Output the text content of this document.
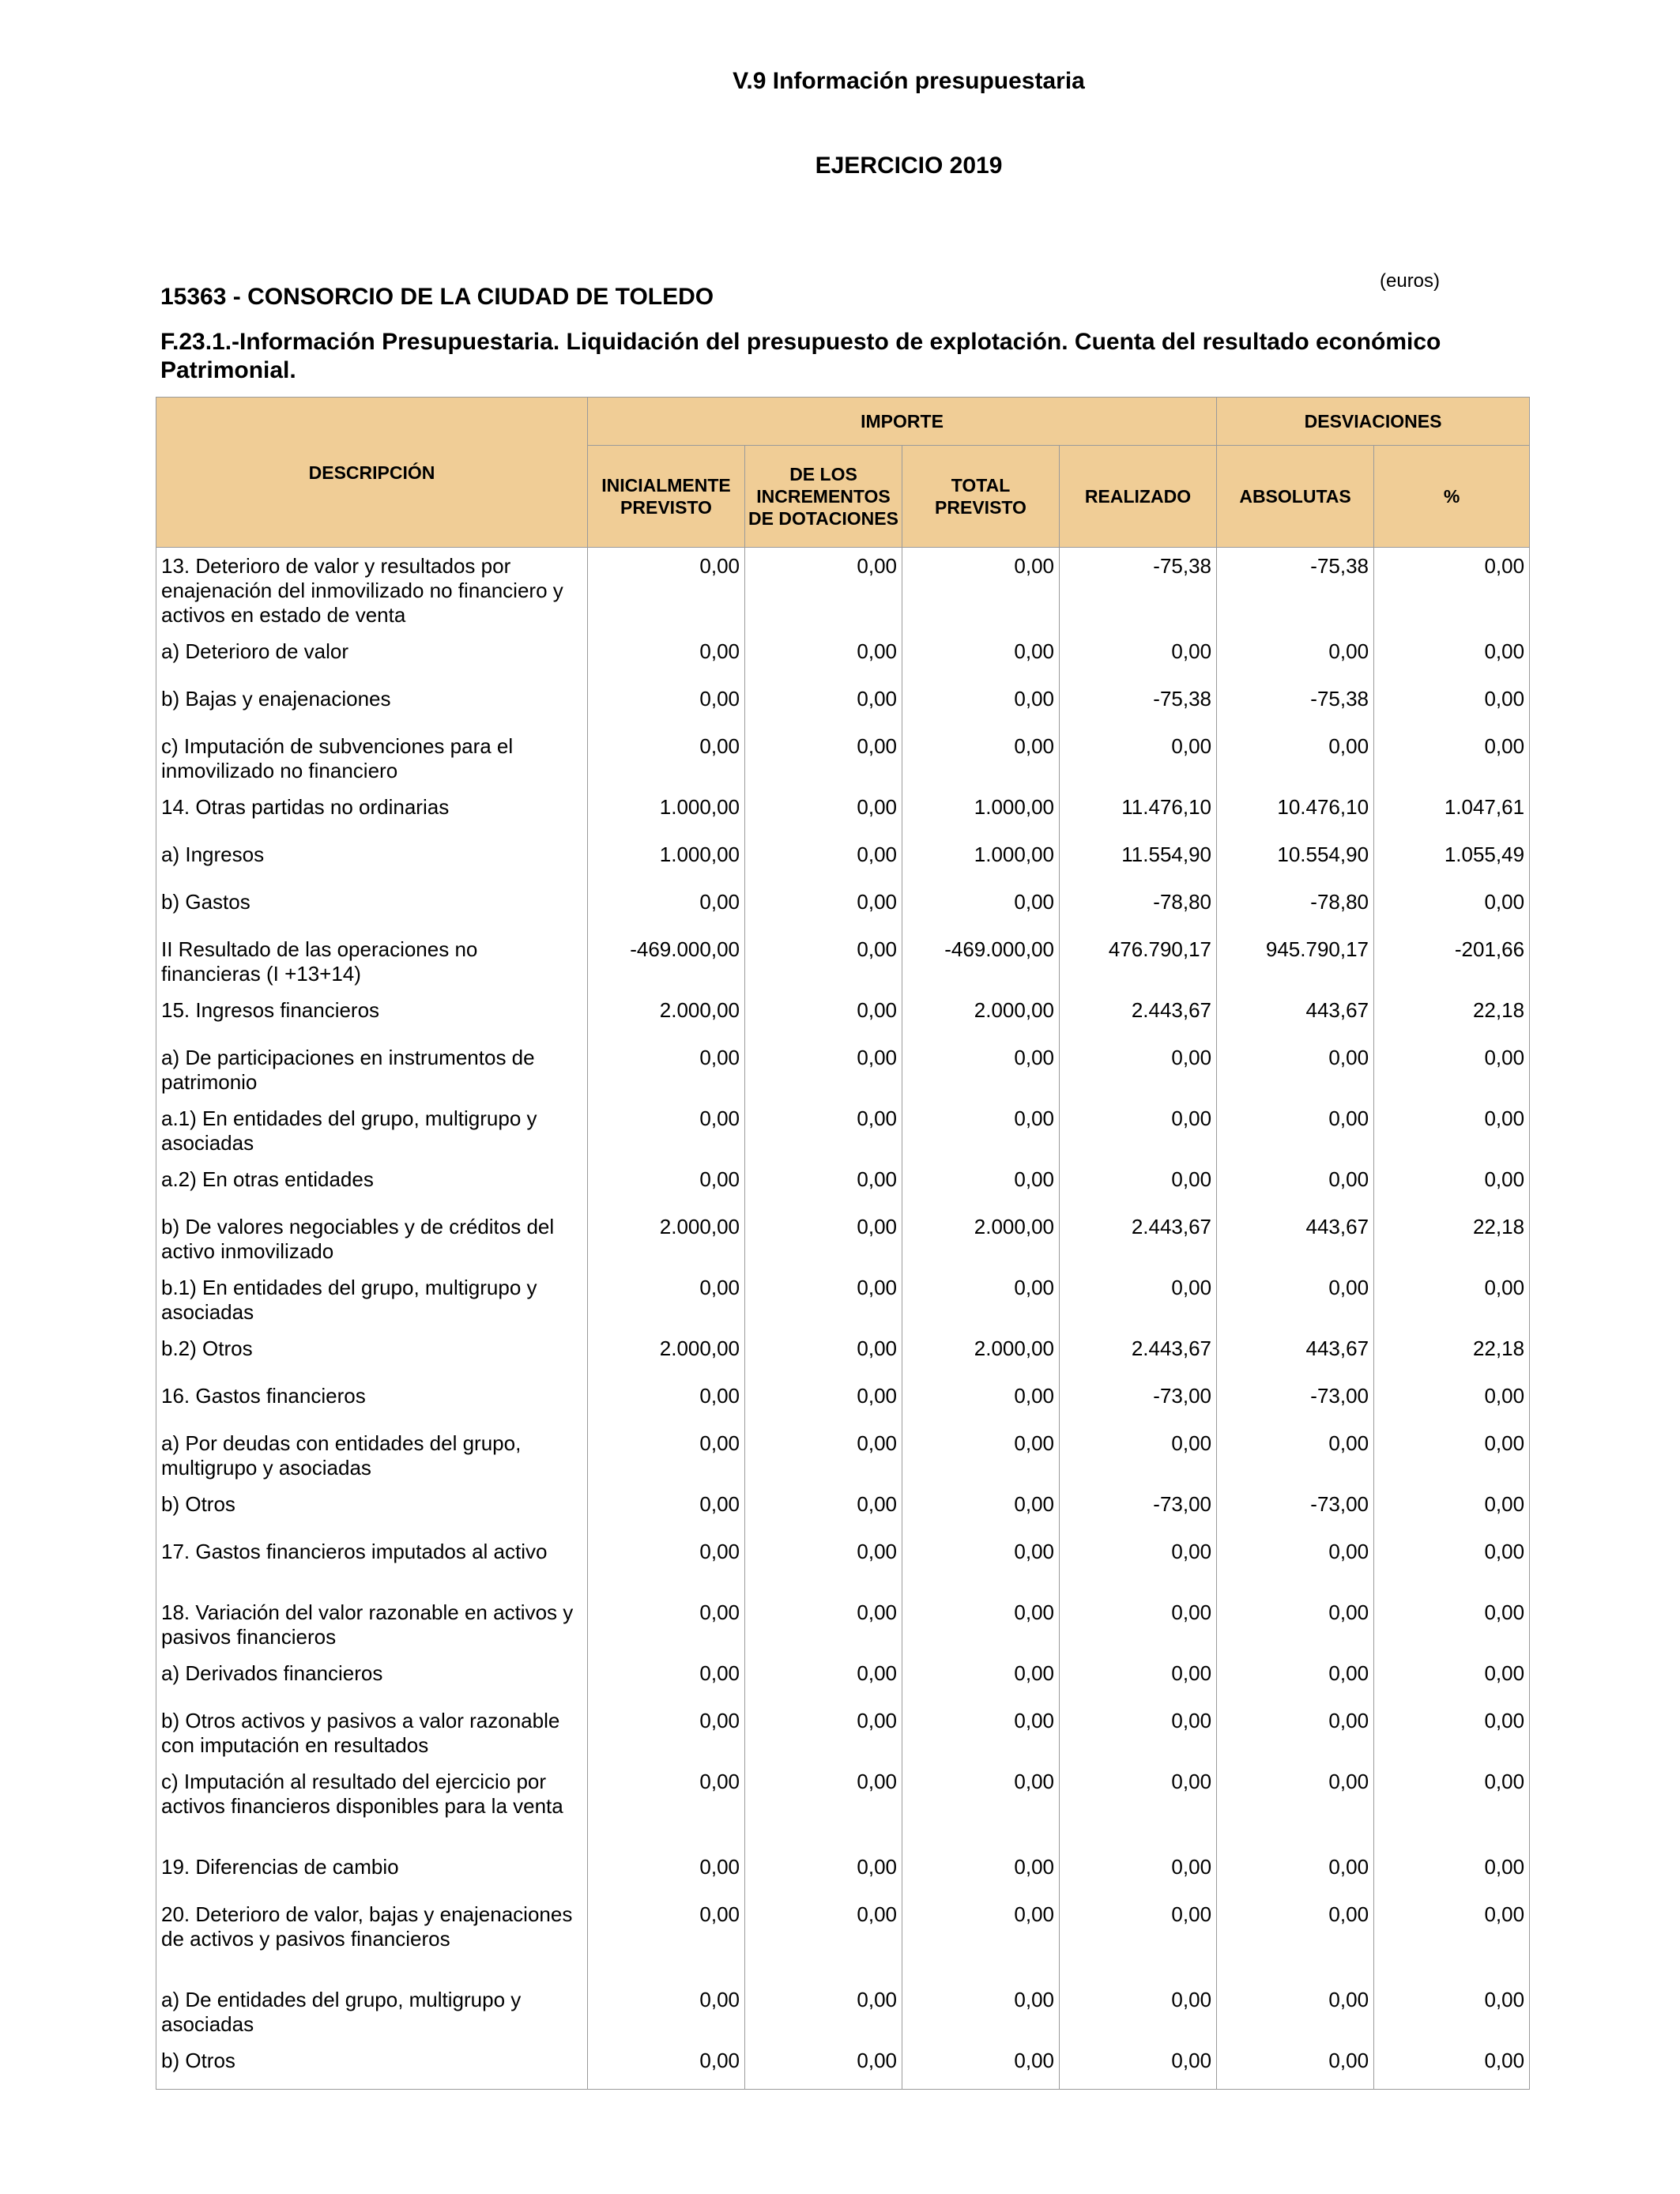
V.9 Información presupuestaria
EJERCICIO 2019
(euros)
15363 - CONSORCIO DE LA CIUDAD DE TOLEDO
F.23.1.-Información Presupuestaria. Liquidación del presupuesto de explotación. Cuenta del resultado económico Patrimonial.
DESCRIPCIÓN	IMPORTE				DESVIACIONES	
	INICIALMENTE PREVISTO	DE LOS INCREMENTOS DE DOTACIONES	TOTAL PREVISTO	REALIZADO	ABSOLUTAS	%
13. Deterioro de valor y resultados por enajenación del inmovilizado no financiero y activos en estado de venta	0,00	0,00	0,00	-75,38	-75,38	0,00
a) Deterioro de valor	0,00	0,00	0,00	0,00	0,00	0,00
b) Bajas y enajenaciones	0,00	0,00	0,00	-75,38	-75,38	0,00
c) Imputación de subvenciones para el inmovilizado no financiero	0,00	0,00	0,00	0,00	0,00	0,00
14. Otras partidas no ordinarias	1.000,00	0,00	1.000,00	11.476,10	10.476,10	1.047,61
a) Ingresos	1.000,00	0,00	1.000,00	11.554,90	10.554,90	1.055,49
b) Gastos	0,00	0,00	0,00	-78,80	-78,80	0,00
II Resultado de las operaciones no financieras (I +13+14)	-469.000,00	0,00	-469.000,00	476.790,17	945.790,17	-201,66
15. Ingresos financieros	2.000,00	0,00	2.000,00	2.443,67	443,67	22,18
a) De participaciones en instrumentos de patrimonio	0,00	0,00	0,00	0,00	0,00	0,00
a.1) En entidades del grupo, multigrupo y asociadas	0,00	0,00	0,00	0,00	0,00	0,00
a.2) En otras entidades	0,00	0,00	0,00	0,00	0,00	0,00
b) De valores negociables y de créditos del activo inmovilizado	2.000,00	0,00	2.000,00	2.443,67	443,67	22,18
b.1) En entidades del grupo, multigrupo y asociadas	0,00	0,00	0,00	0,00	0,00	0,00
b.2) Otros	2.000,00	0,00	2.000,00	2.443,67	443,67	22,18
16. Gastos financieros	0,00	0,00	0,00	-73,00	-73,00	0,00
a) Por deudas con entidades del grupo, multigrupo y asociadas	0,00	0,00	0,00	0,00	0,00	0,00
b) Otros	0,00	0,00	0,00	-73,00	-73,00	0,00
17. Gastos financieros imputados al activo	0,00	0,00	0,00	0,00	0,00	0,00
18. Variación del valor razonable en activos y pasivos financieros	0,00	0,00	0,00	0,00	0,00	0,00
a) Derivados financieros	0,00	0,00	0,00	0,00	0,00	0,00
b) Otros activos y pasivos a valor razonable con imputación en resultados	0,00	0,00	0,00	0,00	0,00	0,00
c) Imputación al resultado del ejercicio por activos financieros disponibles para la venta	0,00	0,00	0,00	0,00	0,00	0,00
19. Diferencias de cambio	0,00	0,00	0,00	0,00	0,00	0,00
20. Deterioro de valor, bajas y enajenaciones de activos y pasivos financieros	0,00	0,00	0,00	0,00	0,00	0,00
a) De entidades del grupo, multigrupo y asociadas	0,00	0,00	0,00	0,00	0,00	0,00
b) Otros	0,00	0,00	0,00	0,00	0,00	0,00
